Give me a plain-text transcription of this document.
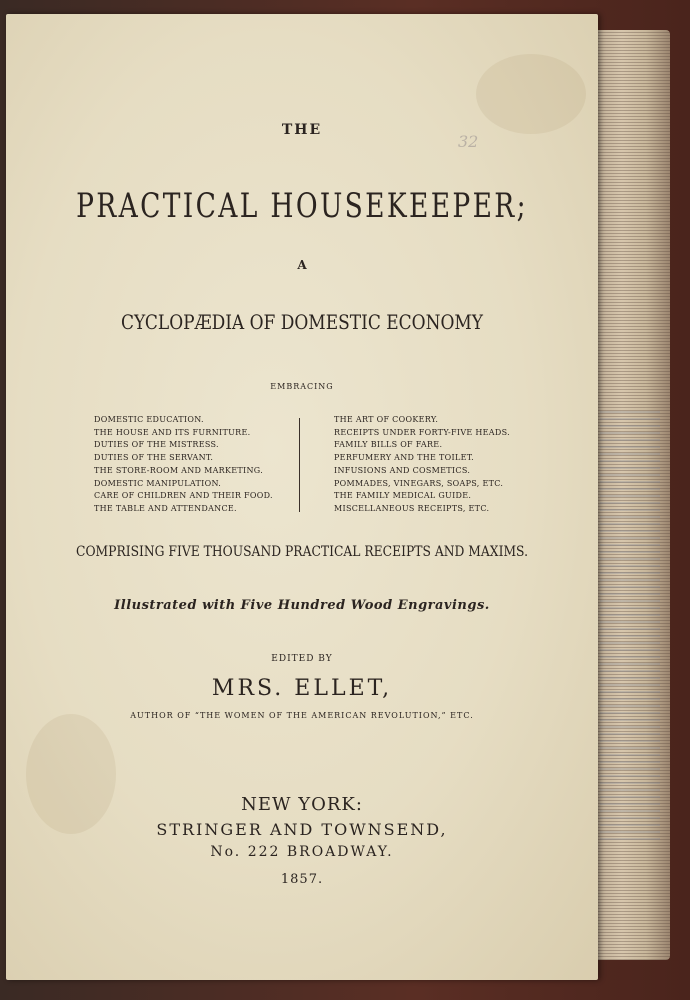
32
THE
PRACTICAL HOUSEKEEPER;
A
CYCLOPÆDIA OF DOMESTIC ECONOMY
EMBRACING
DOMESTIC EDUCATION.
THE HOUSE AND ITS FURNITURE.
DUTIES OF THE MISTRESS.
DUTIES OF THE SERVANT.
THE STORE-ROOM AND MARKETING.
DOMESTIC MANIPULATION.
CARE OF CHILDREN AND THEIR FOOD.
THE TABLE AND ATTENDANCE.
THE ART OF COOKERY.
RECEIPTS UNDER FORTY-FIVE HEADS.
FAMILY BILLS OF FARE.
PERFUMERY AND THE TOILET.
INFUSIONS AND COSMETICS.
POMMADES, VINEGARS, SOAPS, ETC.
THE FAMILY MEDICAL GUIDE.
MISCELLANEOUS RECEIPTS, ETC.
COMPRISING FIVE THOUSAND PRACTICAL RECEIPTS AND MAXIMS.
Illustrated with Five Hundred Wood Engravings.
EDITED BY
MRS. ELLET,
AUTHOR OF “THE WOMEN OF THE AMERICAN REVOLUTION,” ETC.
NEW YORK:
STRINGER AND TOWNSEND,
No. 222 BROADWAY.
1857.
